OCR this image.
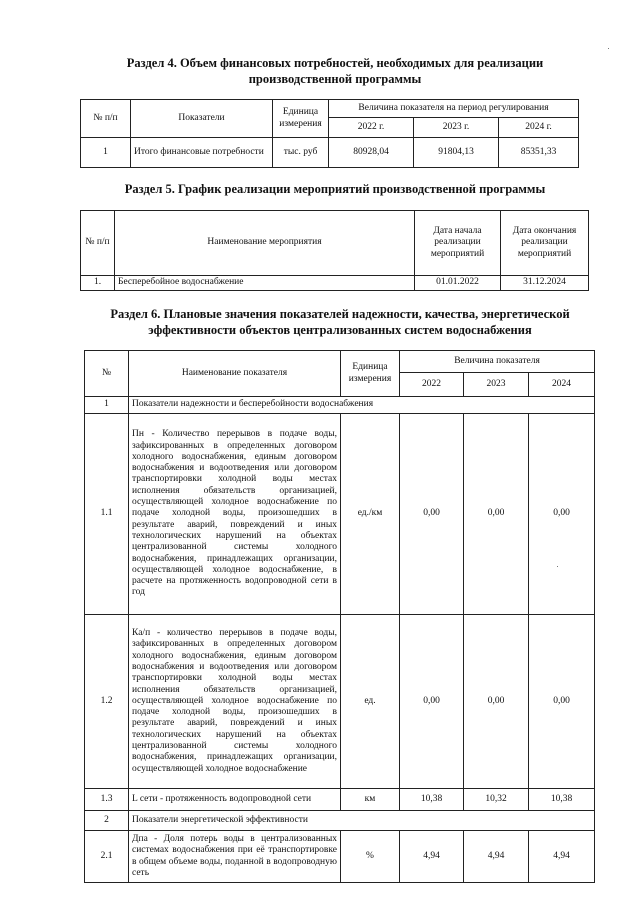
Раздел 4. Объем финансовых потребностей, необходимых для реализации
производственной программы
№ п/п	Показатели	Единица
измерения	Величина показателя на период регулирования		
			2022 г.	2023 г.	2024 г.
1	Итого финансовые потребности	тыс. руб	80928,04	91804,13	85351,33
Раздел 5. График реализации мероприятий производственной программы
№ п/п	Наименование мероприятия	Дата начала реализации мероприятий	Дата окончания реализации мероприятий
1.	Бесперебойное водоснабжение	01.01.2022	31.12.2024
Раздел 6. Плановые значения показателей надежности, качества, энергетической
эффективности объектов централизованных систем водоснабжения
№	Наименование показателя	Единица
измерения	Величина показателя		
			2022	2023	2024
1	Показатели надежности и бесперебойности водоснабжения				
1.1	Пн - Количество перерывов в подаче воды, зафиксированных в определенных договором холодного водоснабжения, единым договором водоснабжения и водоотведения или договором транспортировки холодной воды местах исполнения обязательств организацией, осуществляющей холодное водоснабжение по подаче холодной воды, произошедших в результате аварий, повреждений и иных технологических нарушений на объектах централизованной системы холодного водоснабжения, принадлежащих организации, осуществляющей холодное водоснабжение, в расчете на протяженность водопроводной сети в год	ед./км	0,00	0,00	0,00
1.2	Ка/п - количество перерывов в подаче воды, зафиксированных в определенных договором холодного водоснабжения, единым договором водоснабжения и водоотведения или договором транспортировки холодной воды местах исполнения обязательств организацией, осуществляющей холодное водоснабжение по подаче холодной воды, произошедших в результате аварий, повреждений и иных технологических нарушений на объектах централизованной системы холодного водоснабжения, принадлежащих организации, осуществляющей холодное водоснабжение	ед.	0,00	0,00	0,00
1.3	L сети - протяженность водопроводной сети	км	10,38	10,32	10,38
2	Показатели энергетической эффективности				
2.1	Дпа - Доля потерь воды в централизованных системах водоснабжения при её транспортировке в общем объеме воды, поданной в водопроводную сеть	%	4,94	4,94	4,94
